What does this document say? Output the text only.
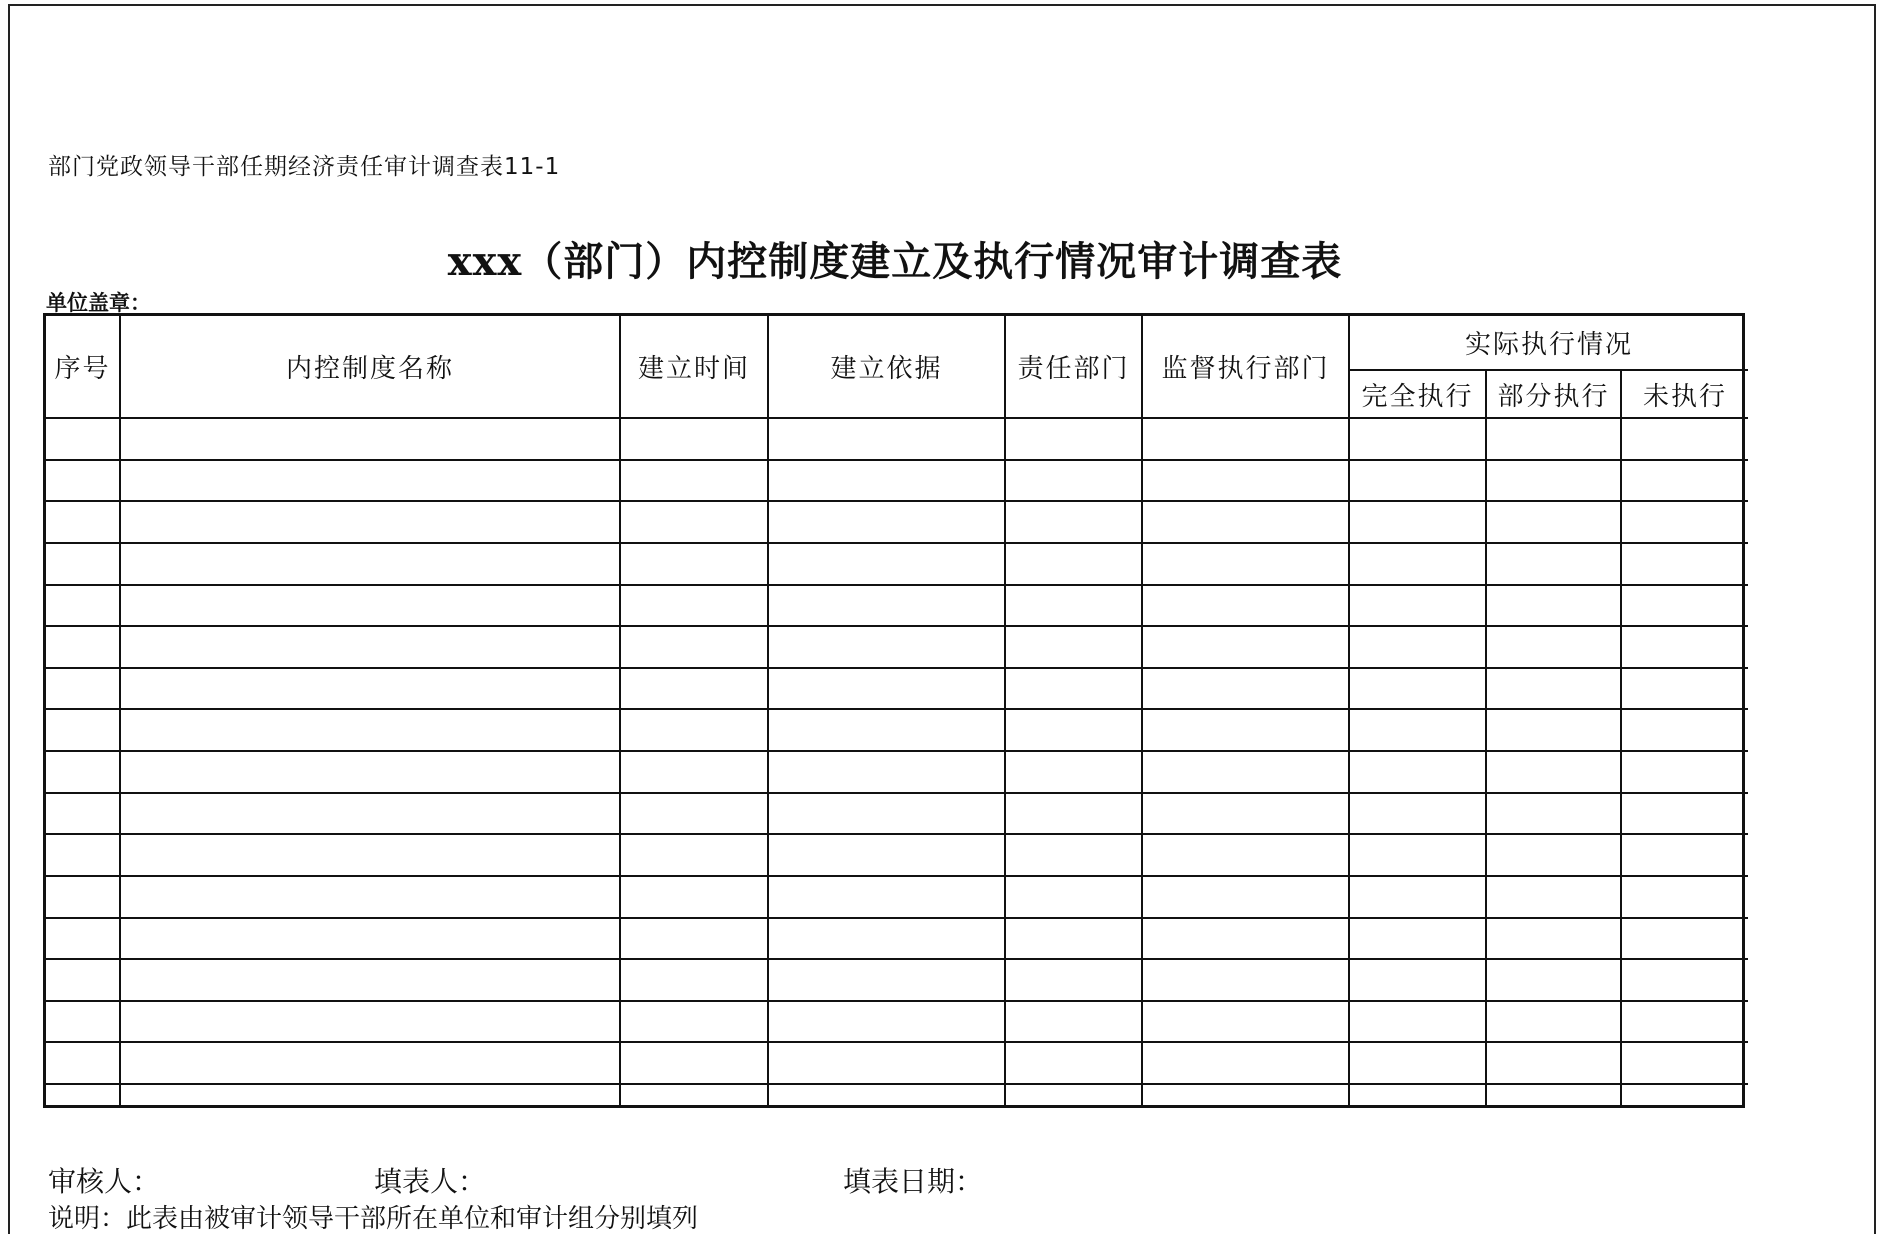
部门党政领导干部任期经济责任审计调查表11-1
xxx（部门）内控制度建立及执行情况审计调查表
单位盖章：
序号	内控制度名称	建立时间	建立依据	责任部门	监督执行部门	实际执行情况		
						完全执行	部分执行	未执行

审核人：	填表人：	填表日期：
说明：此表由被审计领导干部所在单位和审计组分别填列
